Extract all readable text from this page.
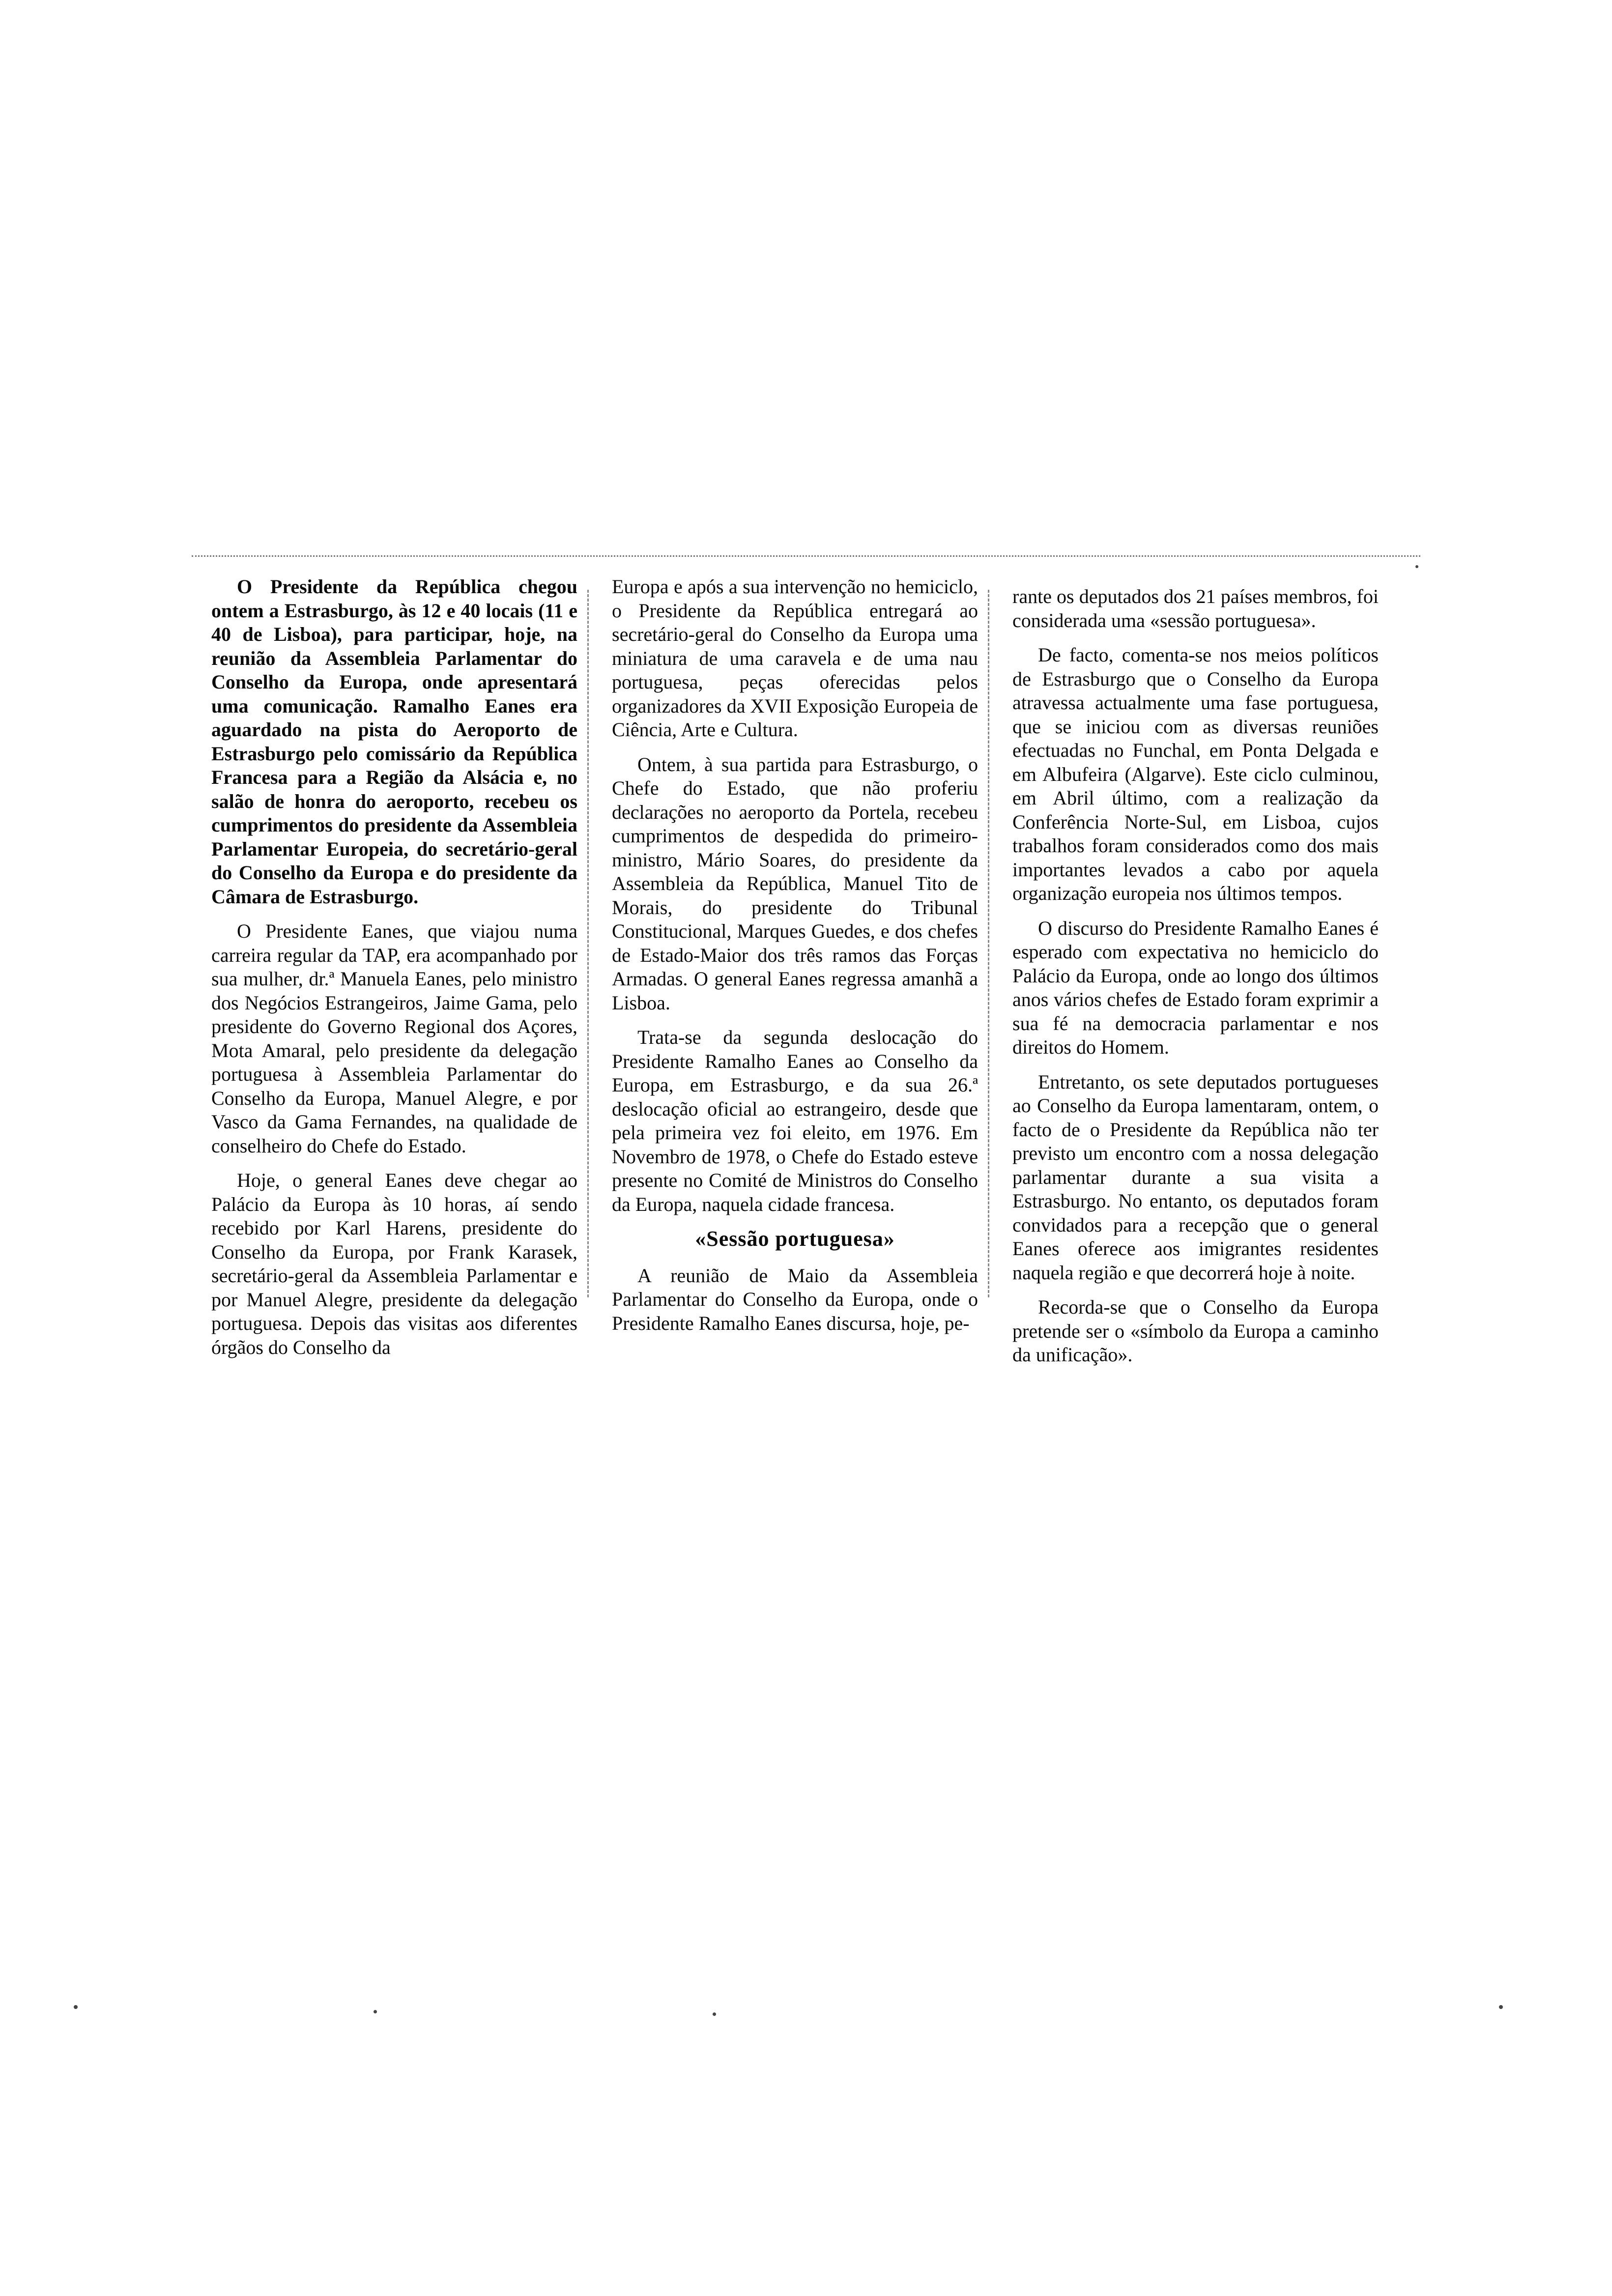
O Presidente da República chegou ontem a Estrasburgo, às 12 e 40 locais (11 e 40 de Lisboa), para participar, hoje, na reunião da Assembleia Parlamentar do Conselho da Europa, onde apresentará uma comunicação. Ramalho Eanes era aguardado na pista do Aeroporto de Estrasburgo pelo comissário da República Francesa para a Região da Alsácia e, no salão de honra do aeroporto, recebeu os cumprimentos do presidente da Assembleia Parlamentar Europeia, do secretário-geral do Conselho da Europa e do presidente da Câmara de Estrasburgo.

O Presidente Eanes, que viajou numa carreira regular da TAP, era acompanhado por sua mulher, dr.ª Manuela Eanes, pelo ministro dos Negócios Estrangeiros, Jaime Gama, pelo presidente do Governo Regional dos Açores, Mota Amaral, pelo presidente da delegação portuguesa à Assembleia Parlamentar do Conselho da Europa, Manuel Alegre, e por Vasco da Gama Fernandes, na qualidade de conselheiro do Chefe do Estado.

Hoje, o general Eanes deve chegar ao Palácio da Europa às 10 horas, aí sendo recebido por Karl Harens, presidente do Conselho da Europa, por Frank Karasek, secretário-geral da Assembleia Parlamentar e por Manuel Alegre, presidente da delegação portuguesa. Depois das visitas aos diferentes órgãos do Conselho da

Europa e após a sua intervenção no hemiciclo, o Presidente da República entregará ao secretário-geral do Conselho da Europa uma miniatura de uma caravela e de uma nau portuguesa, peças oferecidas pelos organizadores da XVII Exposição Europeia de Ciência, Arte e Cultura.

Ontem, à sua partida para Estrasburgo, o Chefe do Estado, que não proferiu declarações no aeroporto da Portela, recebeu cumprimentos de despedida do primeiro-ministro, Mário Soares, do presidente da Assembleia da República, Manuel Tito de Morais, do presidente do Tribunal Constitucional, Marques Guedes, e dos chefes de Estado-Maior dos três ramos das Forças Armadas. O general Eanes regressa amanhã a Lisboa.

Trata-se da segunda deslocação do Presidente Ramalho Eanes ao Conselho da Europa, em Estrasburgo, e da sua 26.ª deslocação oficial ao estrangeiro, desde que pela primeira vez foi eleito, em 1976. Em Novembro de 1978, o Chefe do Estado esteve presente no Comité de Ministros do Conselho da Europa, naquela cidade francesa.

«Sessão portuguesa»

A reunião de Maio da Assembleia Parlamentar do Conselho da Europa, onde o Presidente Ramalho Eanes discursa, hoje, pe-

rante os deputados dos 21 países membros, foi considerada uma «sessão portuguesa».

De facto, comenta-se nos meios políticos de Estrasburgo que o Conselho da Europa atravessa actualmente uma fase portuguesa, que se iniciou com as diversas reuniões efectuadas no Funchal, em Ponta Delgada e em Albufeira (Algarve). Este ciclo culminou, em Abril último, com a realização da Conferência Norte-Sul, em Lisboa, cujos trabalhos foram considerados como dos mais importantes levados a cabo por aquela organização europeia nos últimos tempos.

O discurso do Presidente Ramalho Eanes é esperado com expectativa no hemiciclo do Palácio da Europa, onde ao longo dos últimos anos vários chefes de Estado foram exprimir a sua fé na democracia parlamentar e nos direitos do Homem.

Entretanto, os sete deputados portugueses ao Conselho da Europa lamentaram, ontem, o facto de o Presidente da República não ter previsto um encontro com a nossa delegação parlamentar durante a sua visita a Estrasburgo. No entanto, os deputados foram convidados para a recepção que o general Eanes oferece aos imigrantes residentes naquela região e que decorrerá hoje à noite.

Recorda-se que o Conselho da Europa pretende ser o «símbolo da Europa a caminho da unificação».
